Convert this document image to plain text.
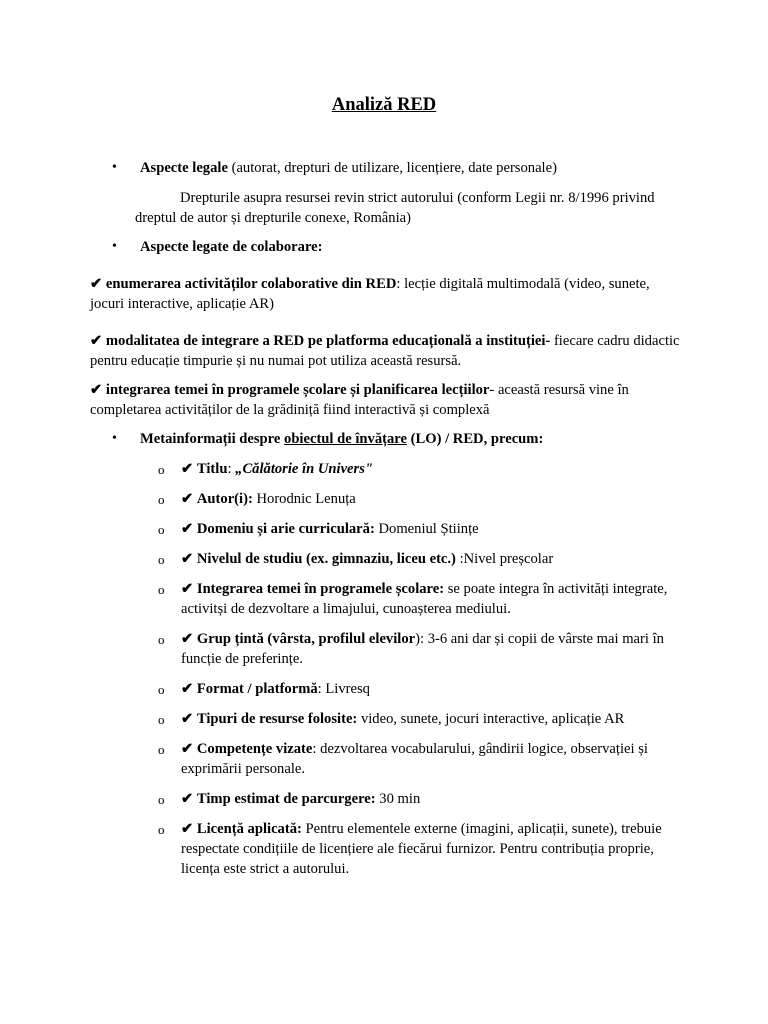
Analiză RED
• Aspecte legale (autorat, drepturi de utilizare, licențiere, date personale)
Drepturile asupra resursei revin strict autorului (conform Legii nr. 8/1996 privind dreptul de autor și drepturile conexe, România)
• Aspecte legate de colaborare:
✔ enumerarea activităților colaborative din RED: lecție digitală multimodală (video, sunete, jocuri interactive, aplicație AR)
✔ modalitatea de integrare a RED pe platforma educațională a instituției- fiecare cadru didactic pentru educație timpurie și nu numai pot utiliza această resursă.
✔ integrarea temei în programele școlare și planificarea lecțiilor- această resursă vine în completarea activităților de la grădiniță fiind interactivă și complexă
• Metainformații despre obiectul de învățare (LO) / RED, precum:
o ✔ Titlu: „Călătorie în Univers"
o ✔ Autor(i): Horodnic Lenuța
o ✔ Domeniu și arie curriculară: Domeniul Științe
o ✔ Nivelul de studiu (ex. gimnaziu, liceu etc.) :Nivel preșcolar
o ✔ Integrarea temei în programele școlare: se poate integra în activități integrate, activitși de dezvoltare a limajului, cunoașterea mediului.
o ✔ Grup țintă (vârsta, profilul elevilor): 3-6 ani dar și copii de vârste mai mari în funcție de preferințe.
o ✔ Format / platformă: Livresq
o ✔ Tipuri de resurse folosite: video, sunete, jocuri interactive, aplicație AR
o ✔ Competențe vizate: dezvoltarea vocabularului, gândirii logice, observației și exprimării personale.
o ✔ Timp estimat de parcurgere: 30 min
o ✔ Licență aplicată: Pentru elementele externe (imagini, aplicații, sunete), trebuie respectate condițiile de licențiere ale fiecărui furnizor. Pentru contribuția proprie, licența este strict a autorului.
